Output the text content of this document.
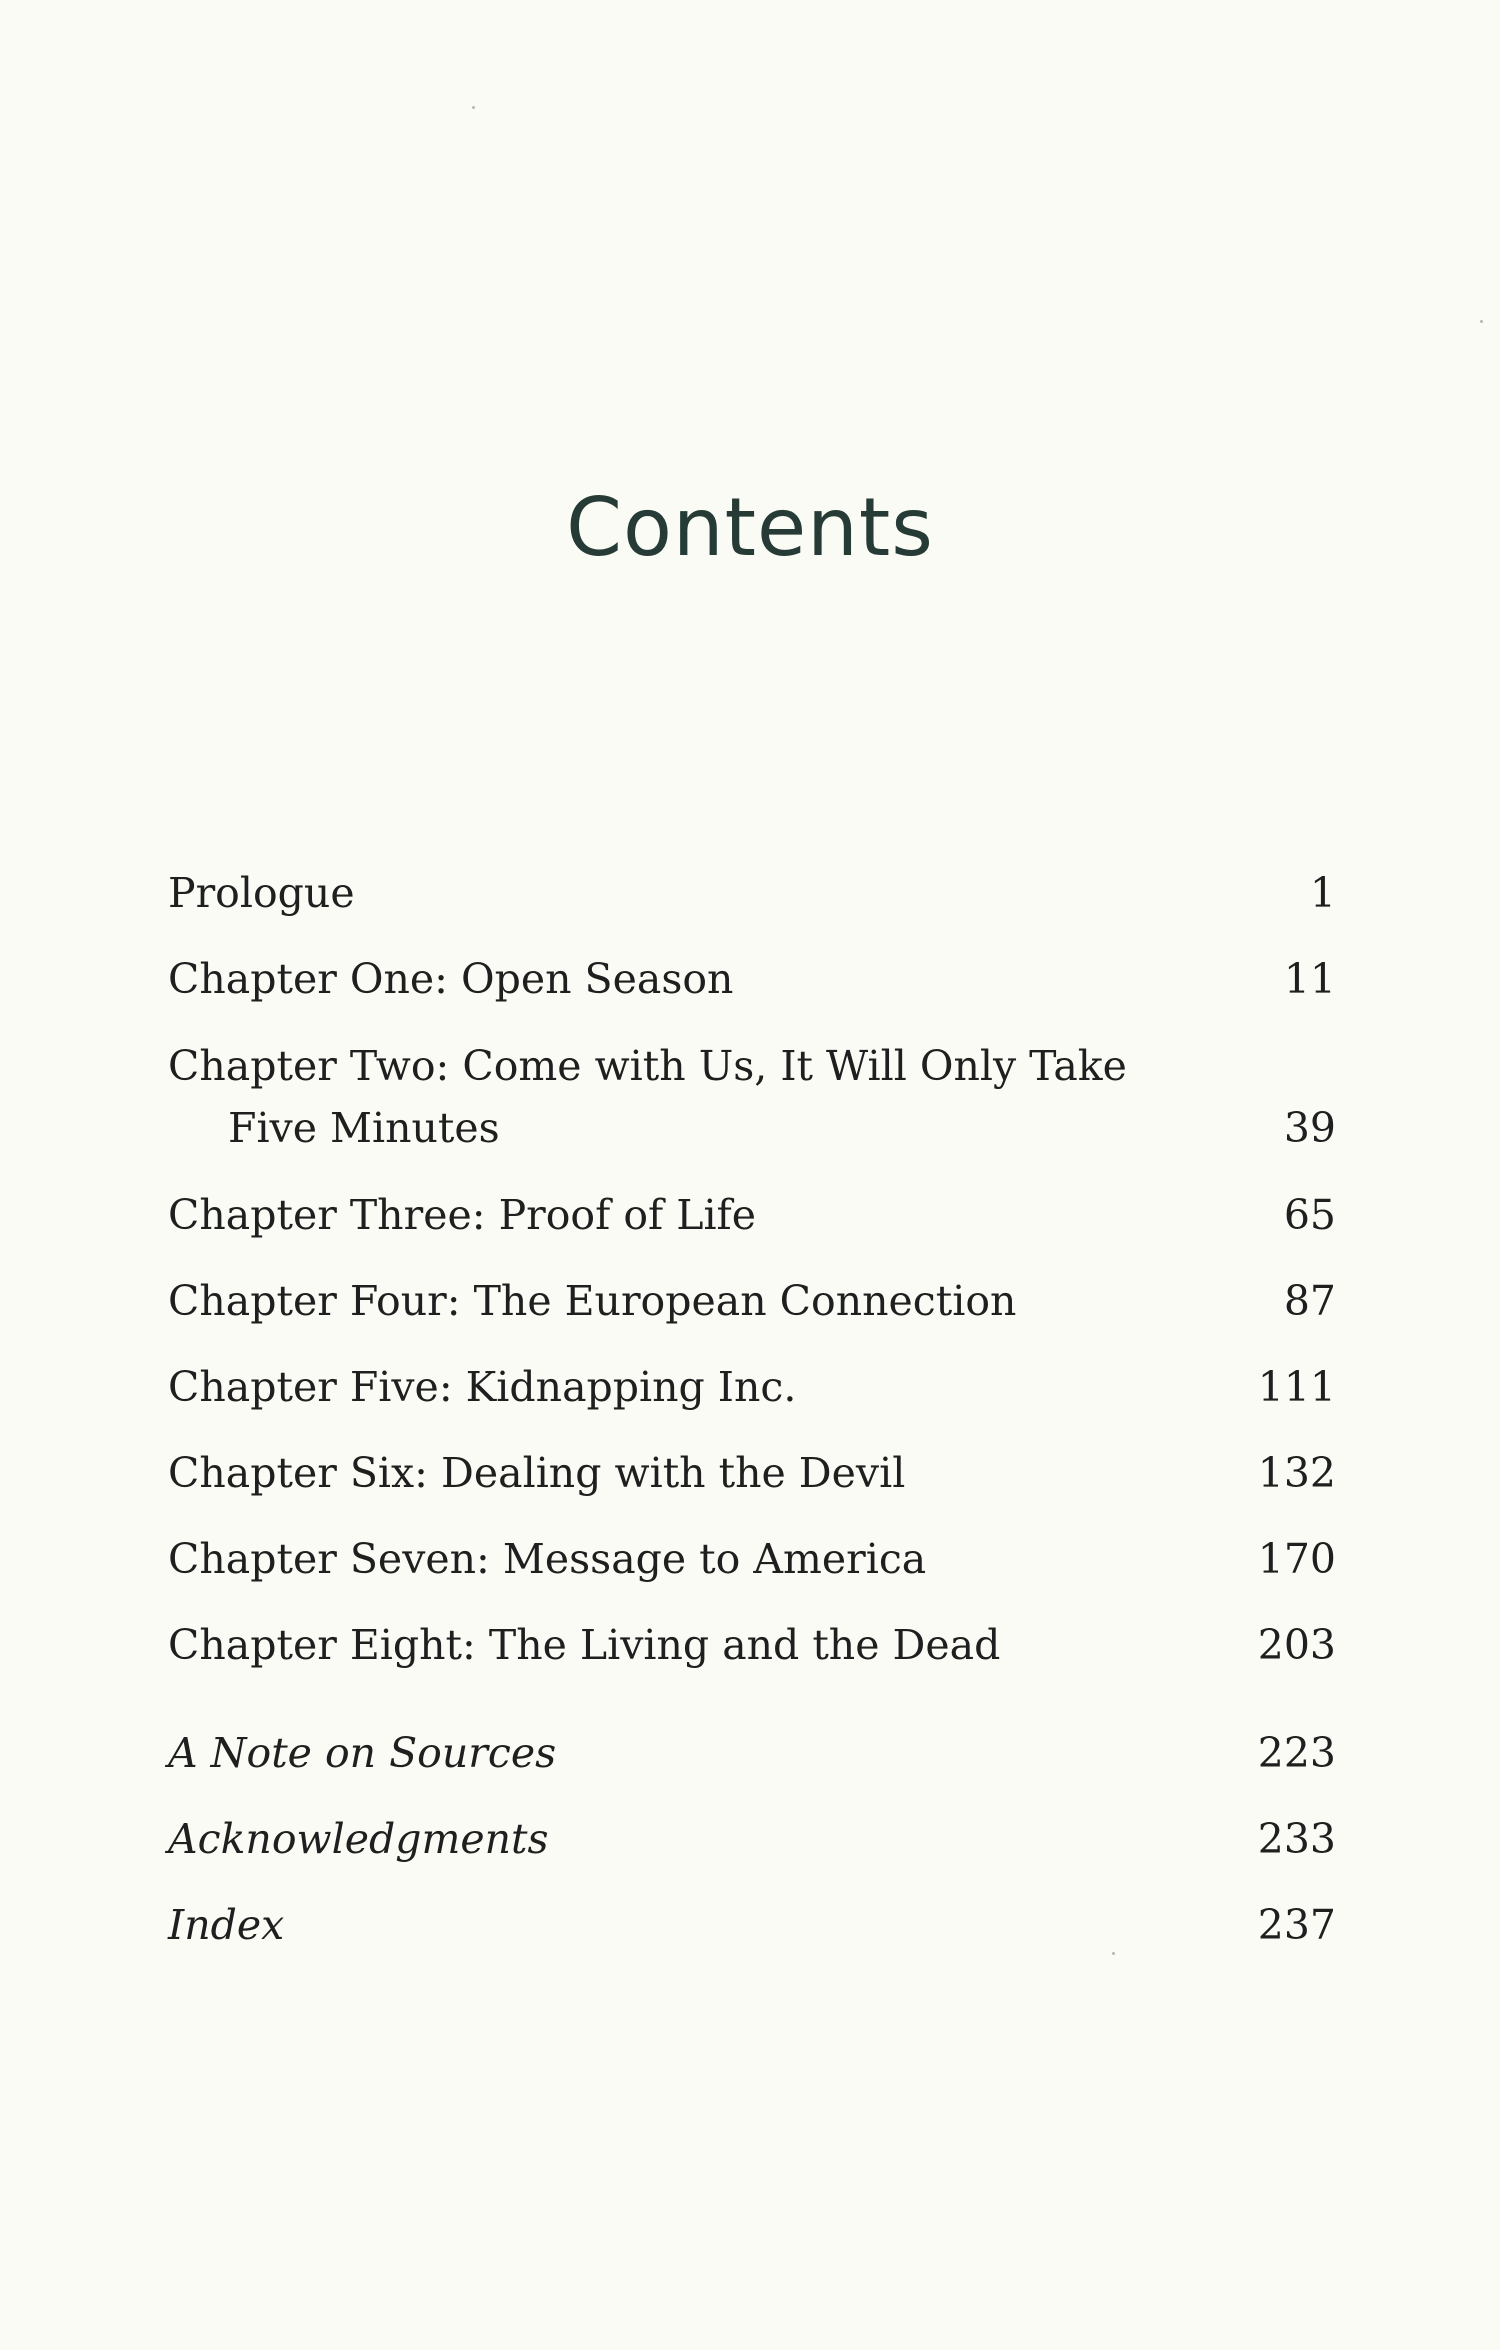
Contents
Prologue	1
Chapter One: Open Season	11
Chapter Two: Come with Us, It Will Only Take
Five Minutes	39
Chapter Three: Proof of Life	65
Chapter Four: The European Connection	87
Chapter Five: Kidnapping Inc.	111
Chapter Six: Dealing with the Devil	132
Chapter Seven: Message to America	170
Chapter Eight: The Living and the Dead	203
A Note on Sources	223
Acknowledgments	233
Index	237
